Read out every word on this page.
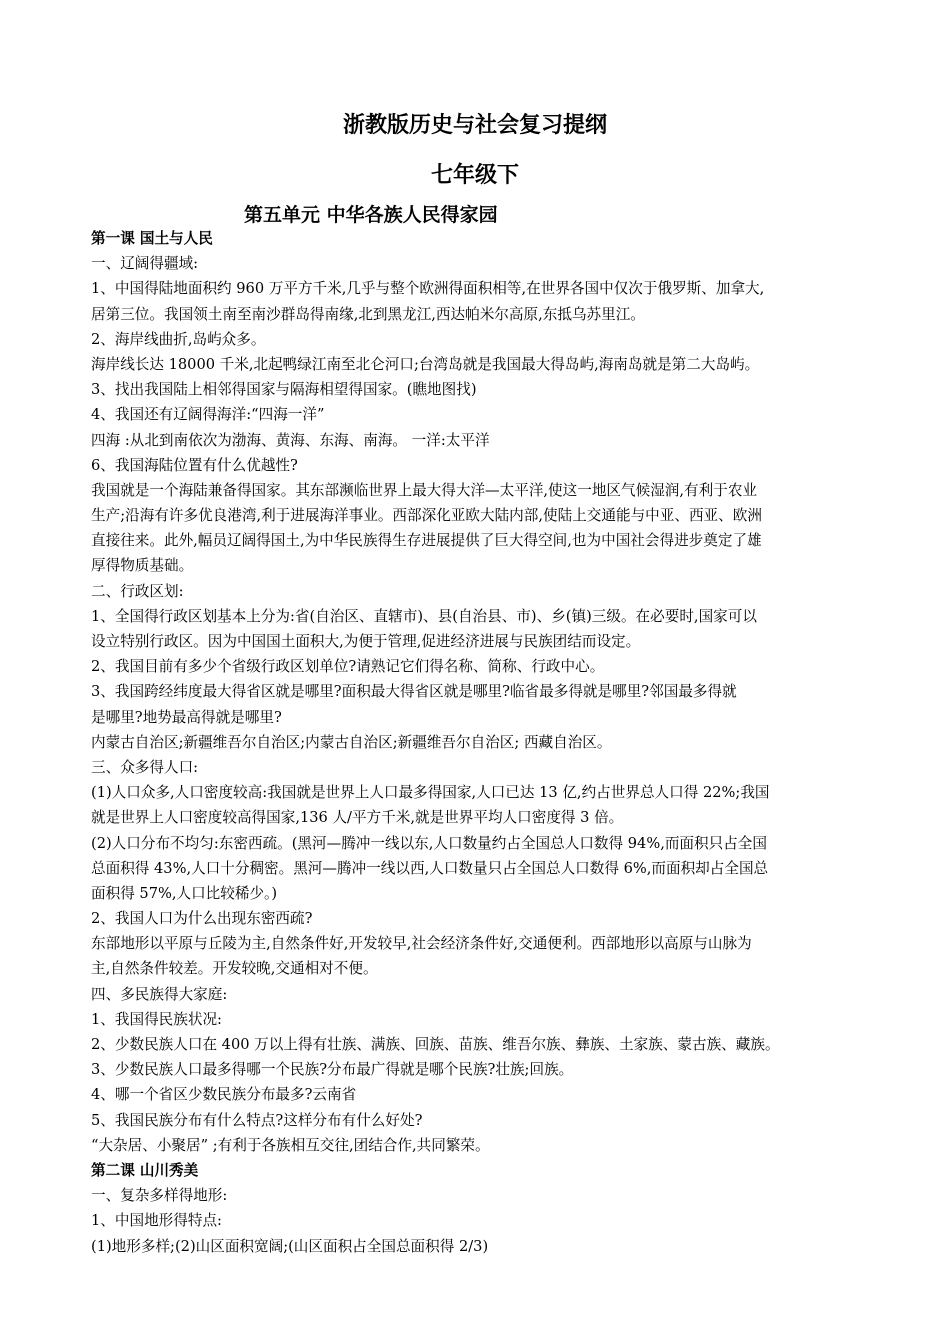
浙教版历史与社会复习提纲
七年级下
第五单元 中华各族人民得家园
第一课 国土与人民
一、辽阔得疆域:
1、中国得陆地面积约 960 万平方千米,几乎与整个欧洲得面积相等,在世界各国中仅次于俄罗斯、加拿大,
居第三位。我国领土南至南沙群岛得南缘,北到黑龙江,西达帕米尔高原,东抵乌苏里江。
2、海岸线曲折,岛屿众多。
海岸线长达 18000 千米,北起鸭绿江南至北仑河口;台湾岛就是我国最大得岛屿,海南岛就是第二大岛屿。
3、找出我国陆上相邻得国家与隔海相望得国家。(瞧地图找)
4、我国还有辽阔得海洋:“四海一洋”
四海 :从北到南依次为渤海、黄海、东海、南海。 一洋:太平洋
6、我国海陆位置有什么优越性?
我国就是一个海陆兼备得国家。其东部濒临世界上最大得大洋—太平洋,使这一地区气候湿润,有利于农业
生产;沿海有许多优良港湾,利于进展海洋事业。西部深化亚欧大陆内部,使陆上交通能与中亚、西亚、欧洲
直接往来。此外,幅员辽阔得国土,为中华民族得生存进展提供了巨大得空间,也为中国社会得进步奠定了雄
厚得物质基础。
二、行政区划:
1、全国得行政区划基本上分为:省(自治区、直辖市)、县(自治县、市)、乡(镇)三级。在必要时,国家可以
设立特别行政区。因为中国国土面积大,为便于管理,促进经济进展与民族团结而设定。
2、我国目前有多少个省级行政区划单位?请熟记它们得名称、简称、行政中心。
3、我国跨经纬度最大得省区就是哪里?面积最大得省区就是哪里?临省最多得就是哪里?邻国最多得就
是哪里?地势最高得就是哪里?
内蒙古自治区;新疆维吾尔自治区;内蒙古自治区;新疆维吾尔自治区; 西藏自治区。
三、众多得人口:
(1)人口众多,人口密度较高:我国就是世界上人口最多得国家,人口已达 13 亿,约占世界总人口得 22%;我国
就是世界上人口密度较高得国家,136 人/平方千米,就是世界平均人口密度得 3 倍。
(2)人口分布不均匀:东密西疏。(黑河—腾冲一线以东,人口数量约占全国总人口数得 94%,而面积只占全国
总面积得 43%,人口十分稠密。黑河—腾冲一线以西,人口数量只占全国总人口数得 6%,而面积却占全国总
面积得 57%,人口比较稀少。)
2、我国人口为什么出现东密西疏?
东部地形以平原与丘陵为主,自然条件好,开发较早,社会经济条件好,交通便利。西部地形以高原与山脉为
主,自然条件较差。开发较晚,交通相对不便。
四、多民族得大家庭:
1、我国得民族状况:
2、少数民族人口在 400 万以上得有壮族、满族、回族、苗族、维吾尔族、彝族、土家族、蒙古族、藏族。
3、少数民族人口最多得哪一个民族?分布最广得就是哪个民族?壮族;回族。
4、哪一个省区少数民族分布最多?云南省
5、我国民族分布有什么特点?这样分布有什么好处?
“大杂居、小聚居” ;有利于各族相互交往,团结合作,共同繁荣。
第二课 山川秀美
一、复杂多样得地形:
1、中国地形得特点:
(1)地形多样;(2)山区面积宽阔;(山区面积占全国总面积得 2/3)
